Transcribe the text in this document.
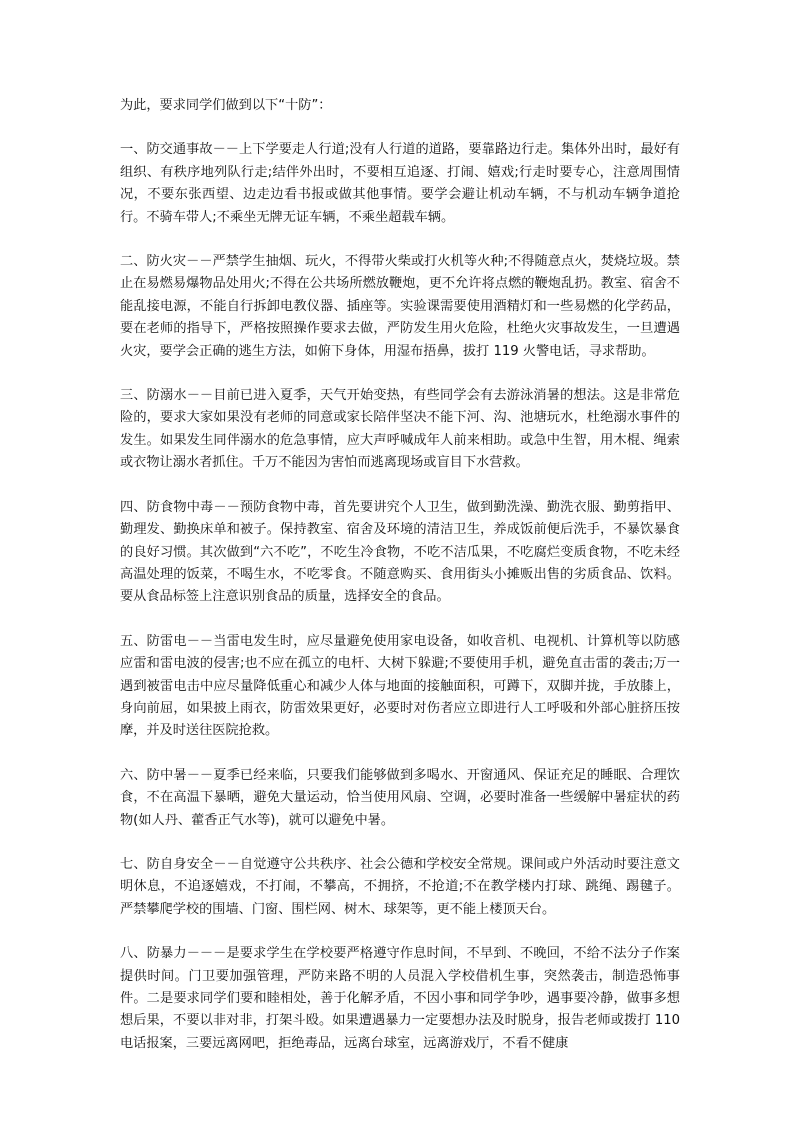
为此，要求同学们做到以下“十防”：

一、防交通事故－－上下学要走人行道;没有人行道的道路，要靠路边行走。集体外出时，最好有组织、有秩序地列队行走;结伴外出时，不要相互追逐、打闹、嬉戏;行走时要专心，注意周围情况，不要东张西望、边走边看书报或做其他事情。要学会避让机动车辆，不与机动车辆争道抢行。不骑车带人;不乘坐无牌无证车辆，不乘坐超载车辆。

二、防火灾－－严禁学生抽烟、玩火，不得带火柴或打火机等火种;不得随意点火，焚烧垃圾。禁止在易燃易爆物品处用火;不得在公共场所燃放鞭炮，更不允许将点燃的鞭炮乱扔。教室、宿舍不能乱接电源，不能自行拆卸电教仪器、插座等。实验课需要使用酒精灯和一些易燃的化学药品，要在老师的指导下，严格按照操作要求去做，严防发生用火危险，杜绝火灾事故发生，一旦遭遇火灾，要学会正确的逃生方法，如俯下身体，用湿布捂鼻，拔打 119 火警电话，寻求帮助。

三、防溺水－－目前已进入夏季，天气开始变热，有些同学会有去游泳消暑的想法。这是非常危险的，要求大家如果没有老师的同意或家长陪伴坚决不能下河、沟、池塘玩水，杜绝溺水事件的发生。如果发生同伴溺水的危急事情，应大声呼喊成年人前来相助。或急中生智，用木棍、绳索或衣物让溺水者抓住。千万不能因为害怕而逃离现场或盲目下水营救。

四、防食物中毒－－预防食物中毒，首先要讲究个人卫生，做到勤洗澡、勤洗衣服、勤剪指甲、勤理发、勤换床单和被子。保持教室、宿舍及环境的清洁卫生，养成饭前便后洗手，不暴饮暴食的良好习惯。其次做到“六不吃”，不吃生冷食物，不吃不洁瓜果，不吃腐烂变质食物，不吃未经高温处理的饭菜，不喝生水，不吃零食。不随意购买、食用街头小摊贩出售的劣质食品、饮料。要从食品标签上注意识别食品的质量，选择安全的食品。

五、防雷电－－当雷电发生时，应尽量避免使用家电设备，如收音机、电视机、计算机等以防感应雷和雷电波的侵害;也不应在孤立的电杆、大树下躲避;不要使用手机，避免直击雷的袭击;万一遇到被雷电击中应尽量降低重心和减少人体与地面的接触面积，可蹲下，双脚并拢，手放膝上，身向前屈，如果披上雨衣，防雷效果更好，必要时对伤者应立即进行人工呼吸和外部心脏挤压按摩，并及时送往医院抢救。

六、防中暑－－夏季已经来临，只要我们能够做到多喝水、开窗通风、保证充足的睡眠、合理饮食，不在高温下暴晒，避免大量运动，恰当使用风扇、空调，必要时准备一些缓解中暑症状的药物(如人丹、藿香正气水等)，就可以避免中暑。

七、防自身安全－－自觉遵守公共秩序、社会公德和学校安全常规。课间或户外活动时要注意文明休息，不追逐嬉戏，不打闹，不攀高，不拥挤，不抢道;不在教学楼内打球、跳绳、踢毽子。 严禁攀爬学校的围墙、门窗、围栏网、树木、球架等，更不能上楼顶天台。

八、防暴力－－－是要求学生在学校要严格遵守作息时间，不早到、不晚回，不给不法分子作案提供时间。门卫要加强管理，严防来路不明的人员混入学校借机生事，突然袭击，制造恐怖事件。二是要求同学们要和睦相处，善于化解矛盾，不因小事和同学争吵，遇事要冷静，做事多想想后果，不要以非对非，打架斗殴。如果遭遇暴力一定要想办法及时脱身，报告老师或拨打 110 电话报案，三要远离网吧，拒绝毒品，远离台球室，远离游戏厅，不看不健康
